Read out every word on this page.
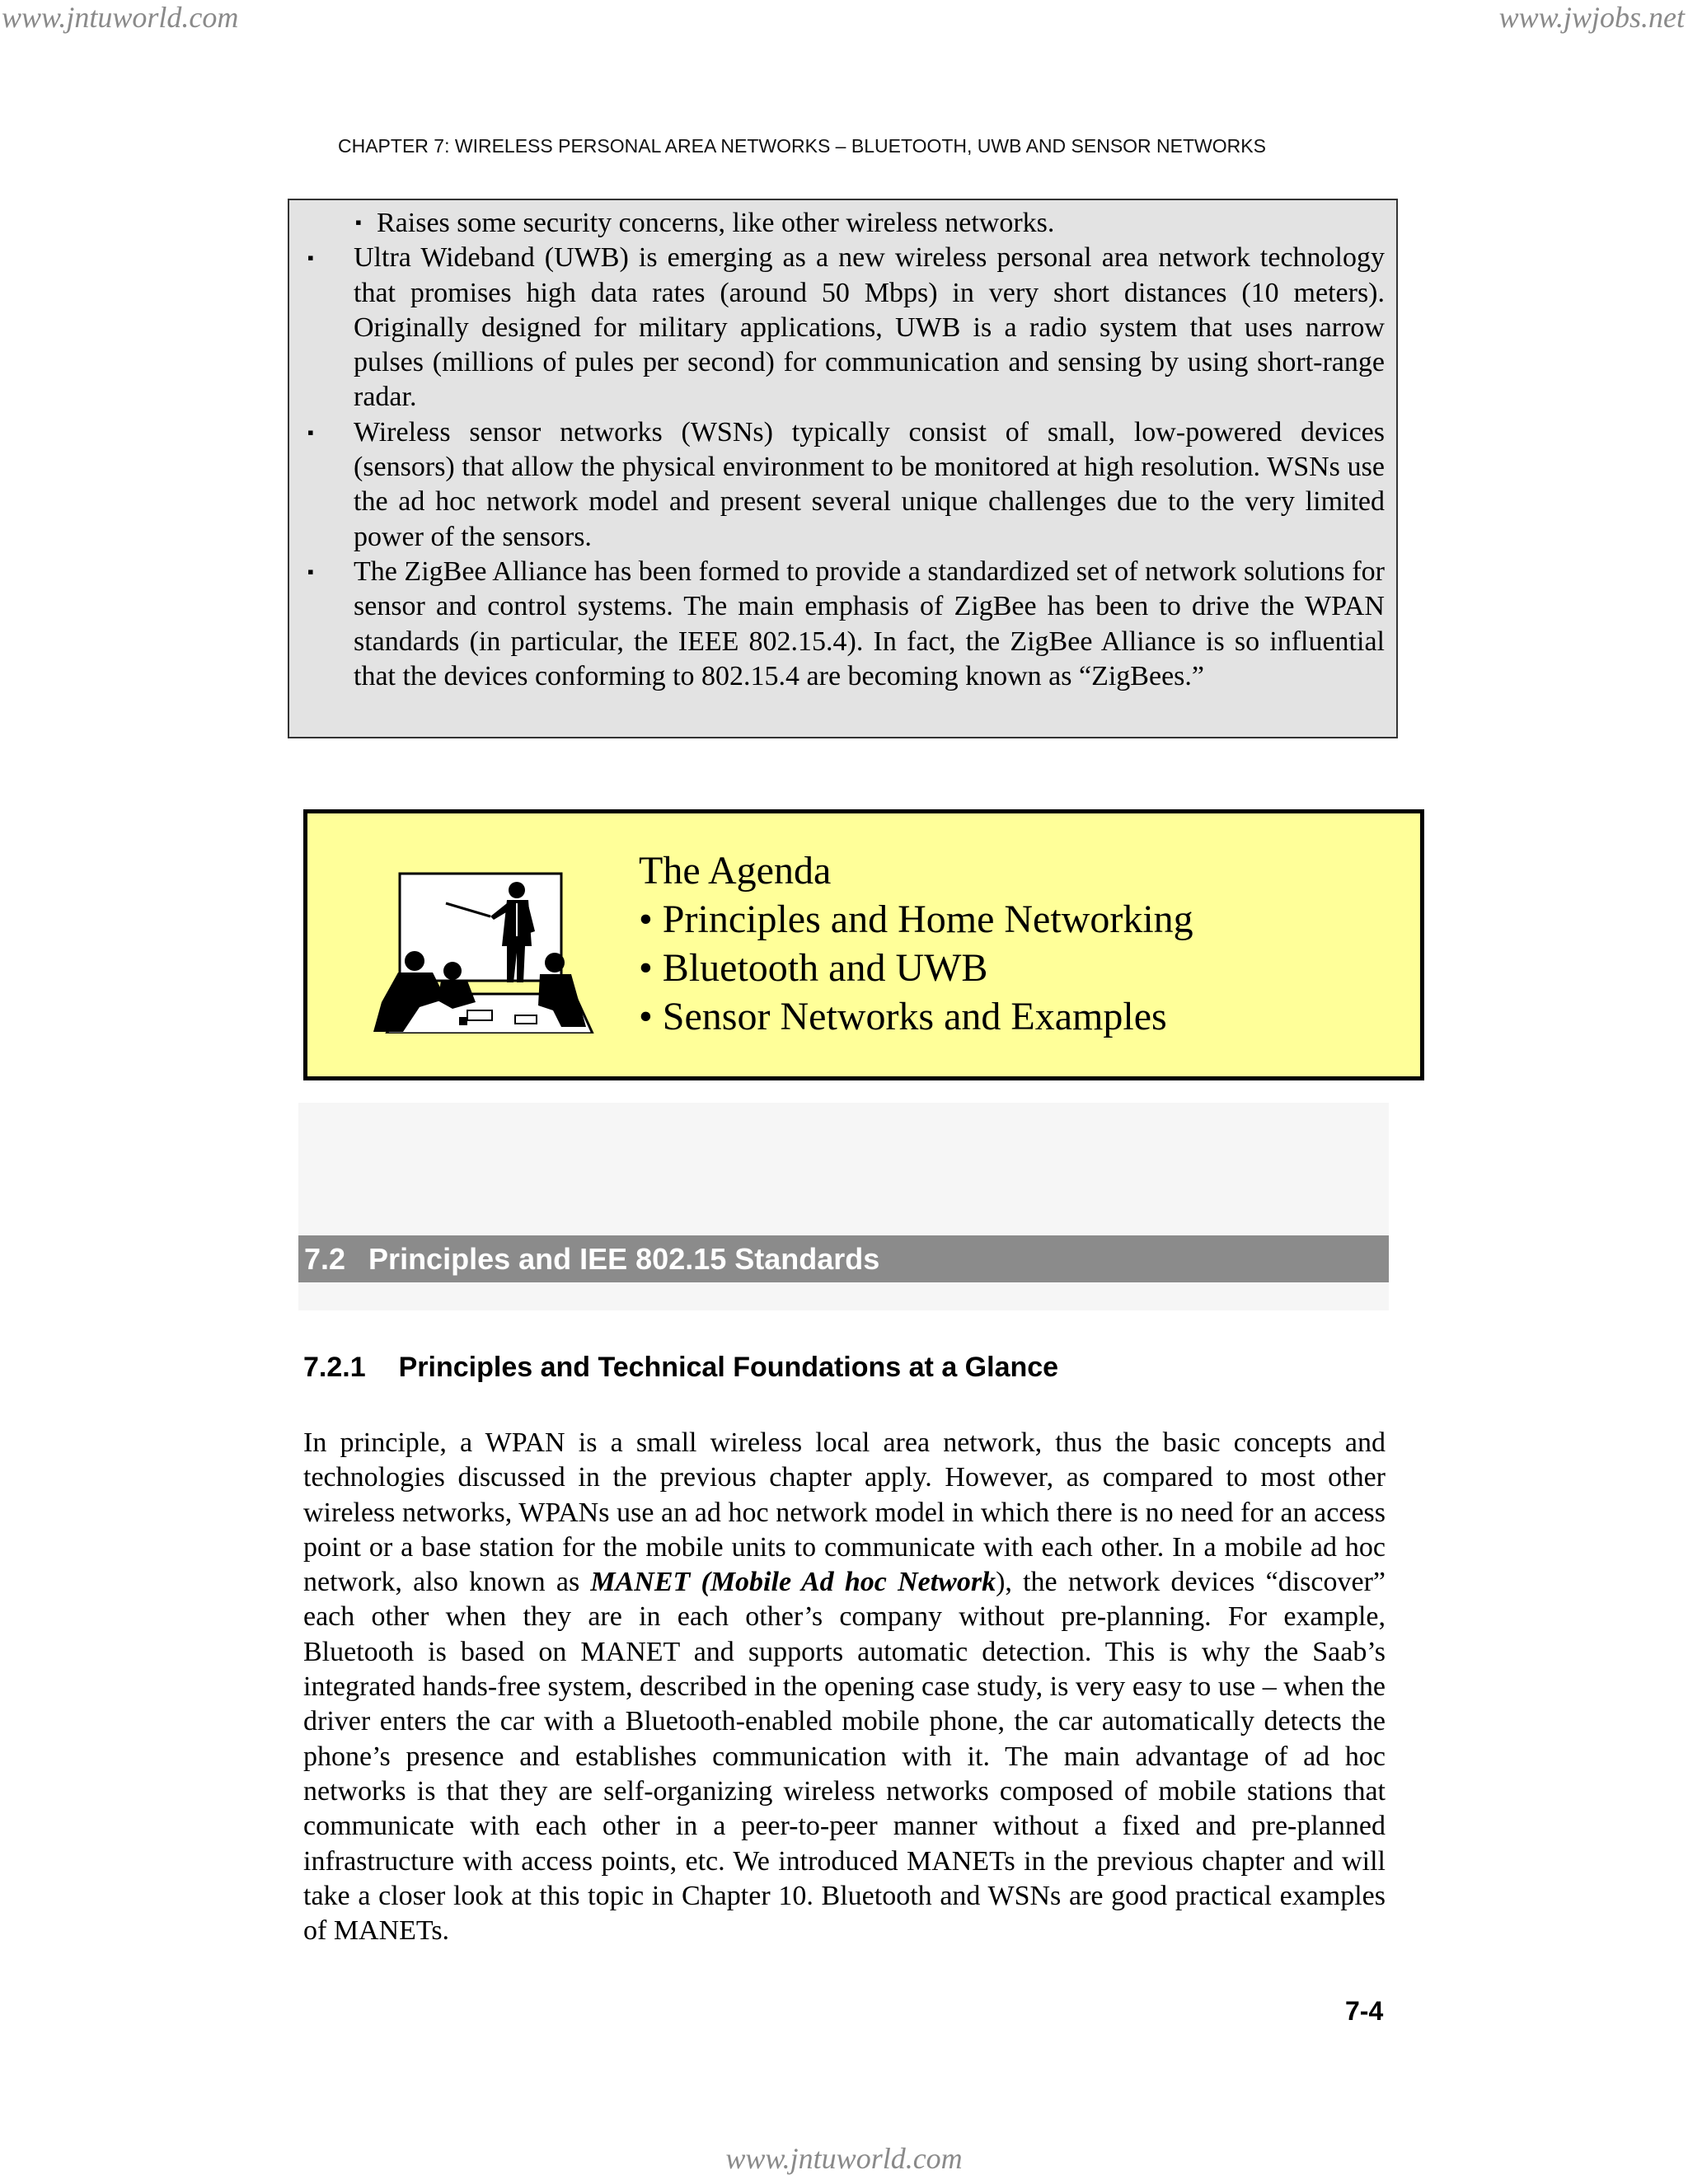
www.jntuworld.com	www.jwjobs.net
CHAPTER 7: WIRELESS PERSONAL AREA NETWORKS – BLUETOOTH, UWB AND SENSOR NETWORKS
▪ Raises some security concerns, like other wireless networks.
▪ Ultra Wideband (UWB) is emerging as a new wireless personal area network technology that promises high data rates (around 50 Mbps) in very short distances (10 meters). Originally designed for military applications, UWB is a radio system that uses narrow pulses (millions of pules per second) for communication and sensing by using short-range radar.
▪ Wireless sensor networks (WSNs) typically consist of small, low-powered devices (sensors) that allow the physical environment to be monitored at high resolution. WSNs use the ad hoc network model and present several unique challenges due to the very limited power of the sensors.
▪ The ZigBee Alliance has been formed to provide a standardized set of network solutions for sensor and control systems. The main emphasis of ZigBee has been to drive the WPAN standards (in particular, the IEEE 802.15.4). In fact, the ZigBee Alliance is so influential that the devices conforming to 802.15.4 are becoming known as “ZigBees.”
The Agenda
• Principles and Home Networking
• Bluetooth and UWB
• Sensor Networks and Examples
7.2 Principles and IEE 802.15 Standards
7.2.1 Principles and Technical Foundations at a Glance
In principle, a WPAN is a small wireless local area network, thus the basic concepts and technologies discussed in the previous chapter apply. However, as compared to most other wireless networks, WPANs use an ad hoc network model in which there is no need for an access point or a base station for the mobile units to communicate with each other. In a mobile ad hoc network, also known as MANET (Mobile Ad hoc Network), the network devices “discover” each other when they are in each other’s company without pre-planning. For example, Bluetooth is based on MANET and supports automatic detection. This is why the Saab’s integrated hands-free system, described in the opening case study, is very easy to use – when the driver enters the car with a Bluetooth-enabled mobile phone, the car automatically detects the phone’s presence and establishes communication with it. The main advantage of ad hoc networks is that they are self-organizing wireless networks composed of mobile stations that communicate with each other in a peer-to-peer manner without a fixed and pre-planned infrastructure with access points, etc. We introduced MANETs in the previous chapter and will take a closer look at this topic in Chapter 10. Bluetooth and WSNs are good practical examples of MANETs.
7-4
www.jntuworld.com
